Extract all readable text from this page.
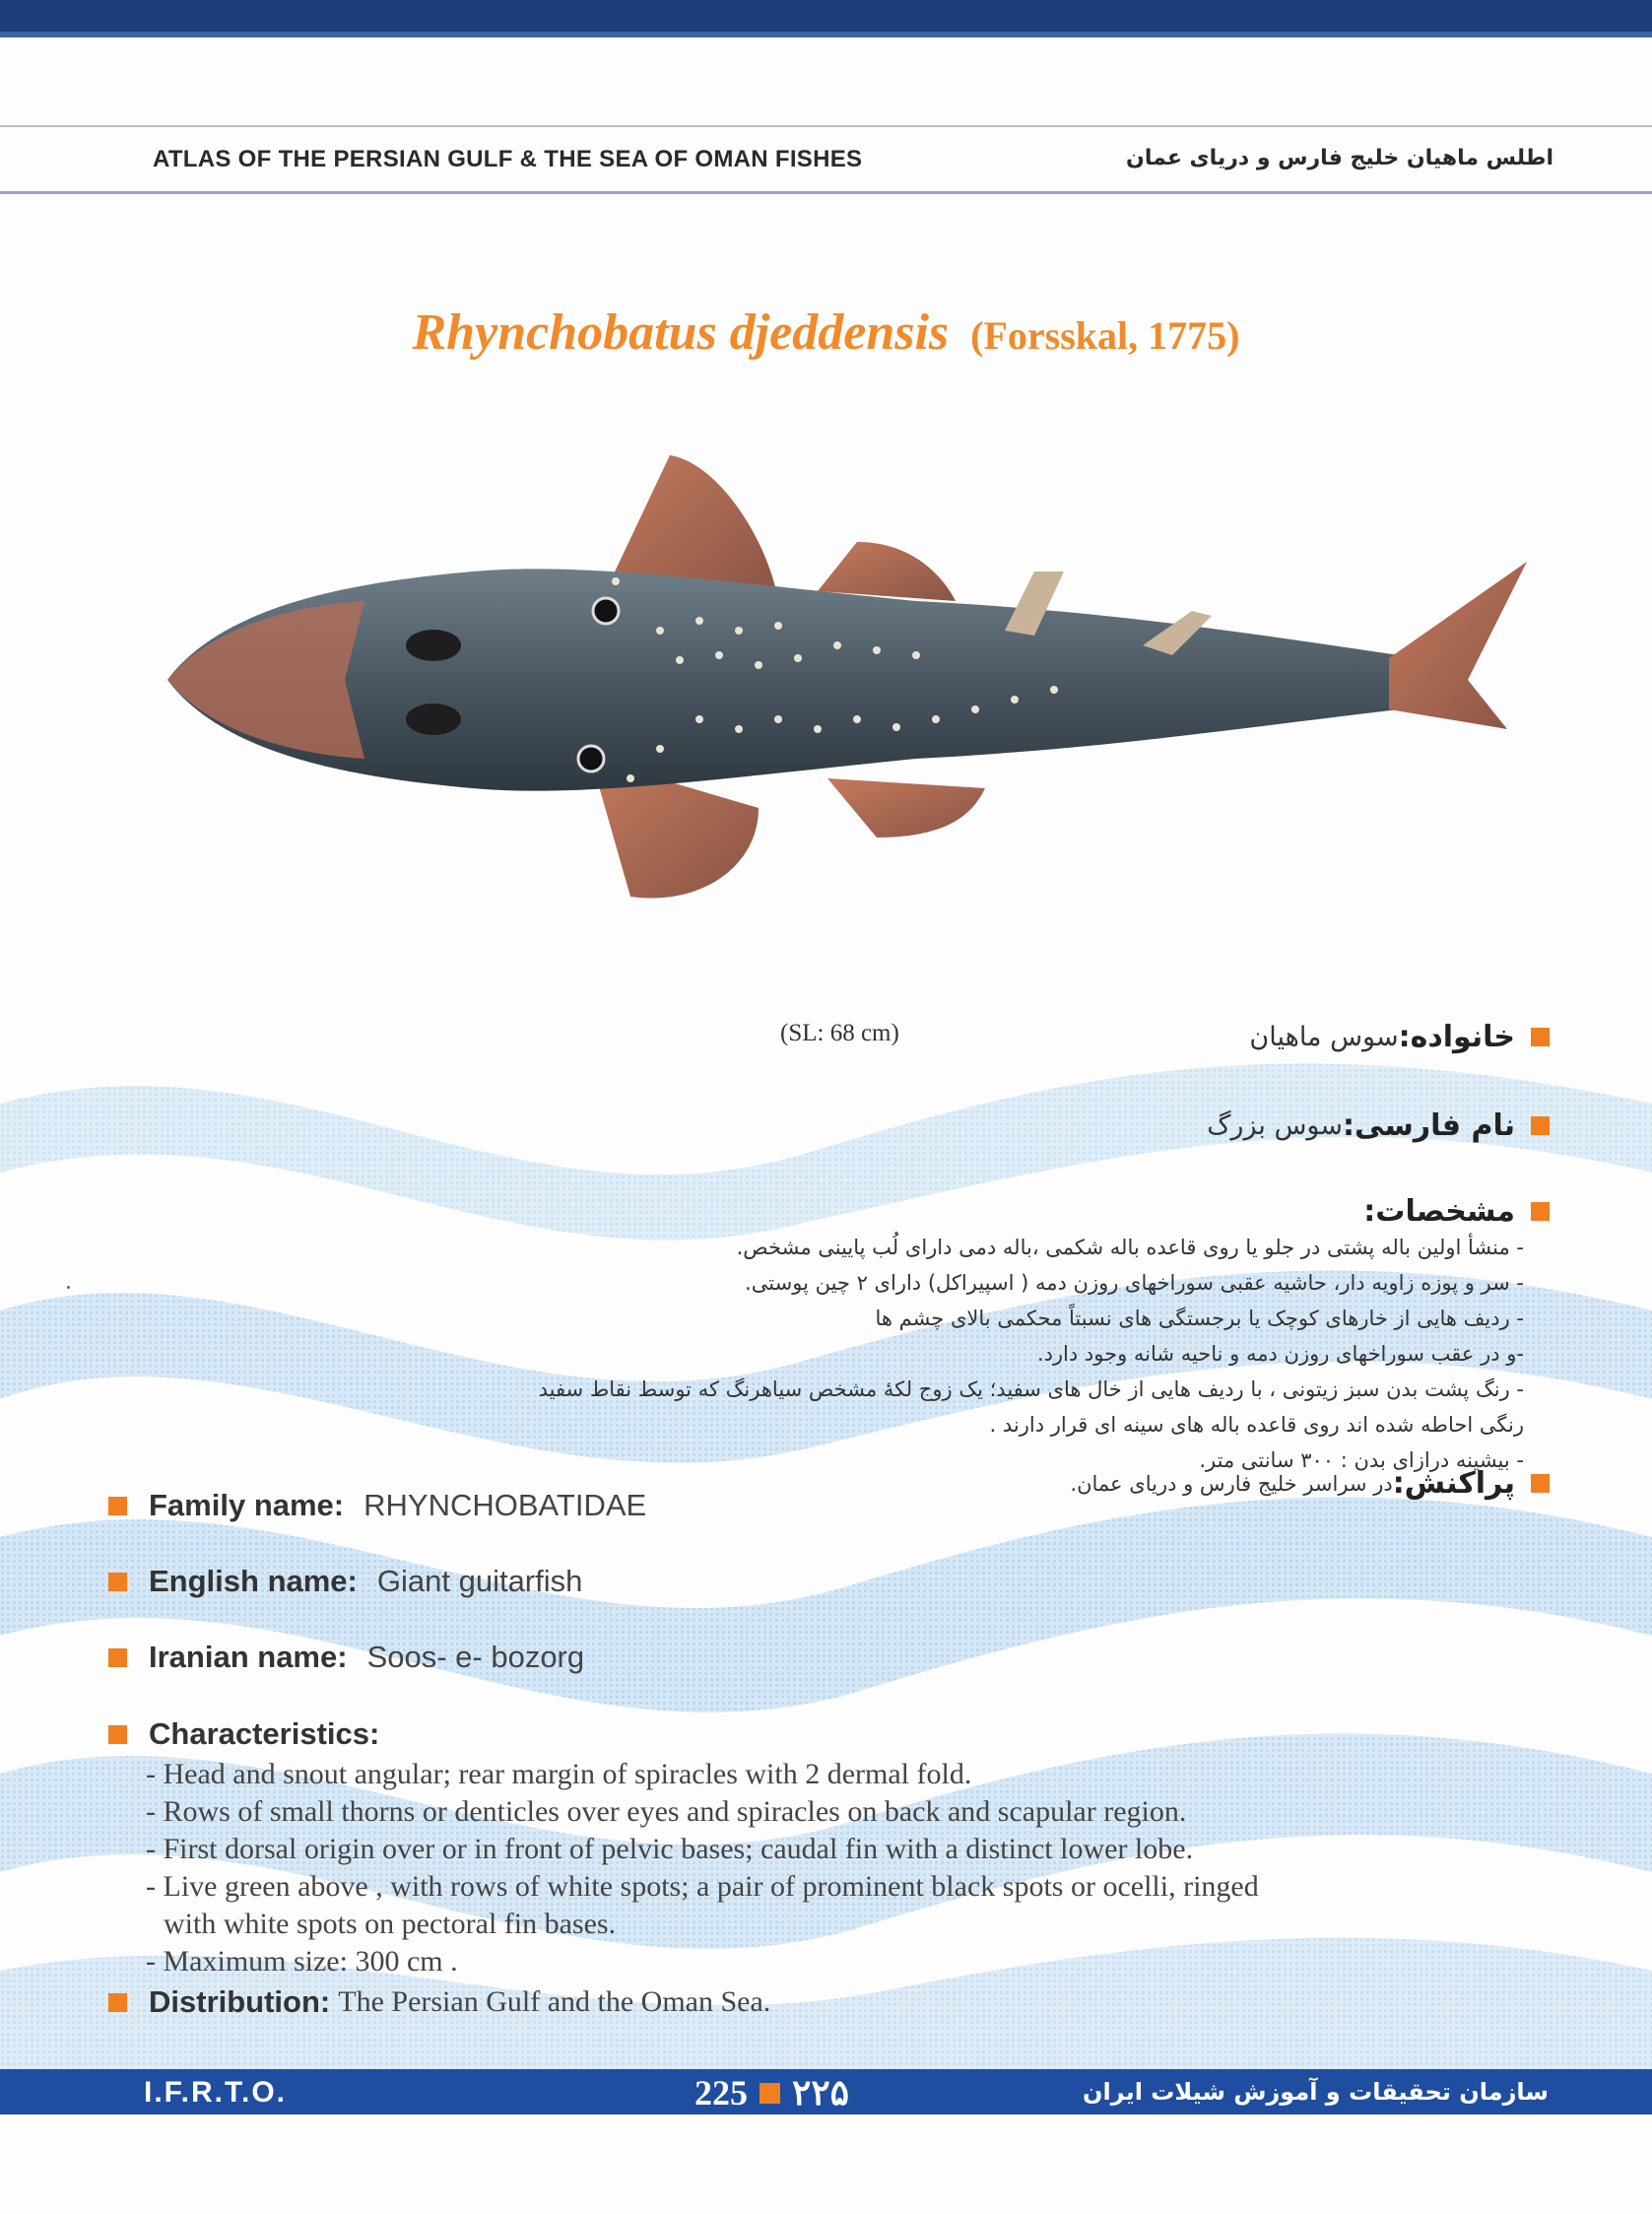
ATLAS OF THE PERSIAN GULF & THE SEA OF OMAN FISHES	اطلس ماهیان خلیج فارس و دریای عمان
Rhynchobatus djeddensis (Forsskal, 1775)
(SL: 68 cm)	خانواده:
سوس ماهیان
نام فارسی:
سوس بزرگ
مشخصات:
- منشأ اولین باله پشتی در جلو یا روی قاعده باله شکمی ،باله دمی دارای لُب پایینی مشخص.
- سر و پوزه زاویه دار، حاشیه عقبی سوراخهای روزن دمه ( اسپیراکل) دارای ۲ چین پوستی.
- ردیف هایی از خارهای کوچک یا برجستگی های نسبتاً محکمی بالای چشم ها
-و در عقب سوراخهای روزن دمه و ناحیه شانه وجود دارد.
- رنگ پشت بدن سبز زیتونی ، با ردیف هایی از خال های سفید؛ یک زوج لکۀ مشخص سیاهرنگ که توسط نقاط سفید
رنگی احاطه شده اند روی قاعده باله های سینه ای قرار دارند .
- بیشینه درازای بدن : ۳۰۰ سانتی متر.
پراکنش:
در سراسر خلیج فارس و دریای عمان.
Family name: RHYNCHOBATIDAE
English name: Giant guitarfish
Iranian name: Soos- e- bozorg
Characteristics:
- Head and snout angular; rear margin of spiracles with 2 dermal fold.
- Rows of small thorns or denticles over eyes and spiracles on back and scapular region.
- First dorsal origin over or in front of pelvic bases; caudal fin with a distinct lower lobe.
- Live green above , with rows of white spots; a pair of prominent black spots or ocelli, ringed
with white spots on pectoral fin bases.
- Maximum size: 300 cm .
Distribution: The Persian Gulf and the Oman Sea.
I.F.R.T.O.	225 ۲۲۵	سازمان تحقیقات و آموزش شیلات ایران
